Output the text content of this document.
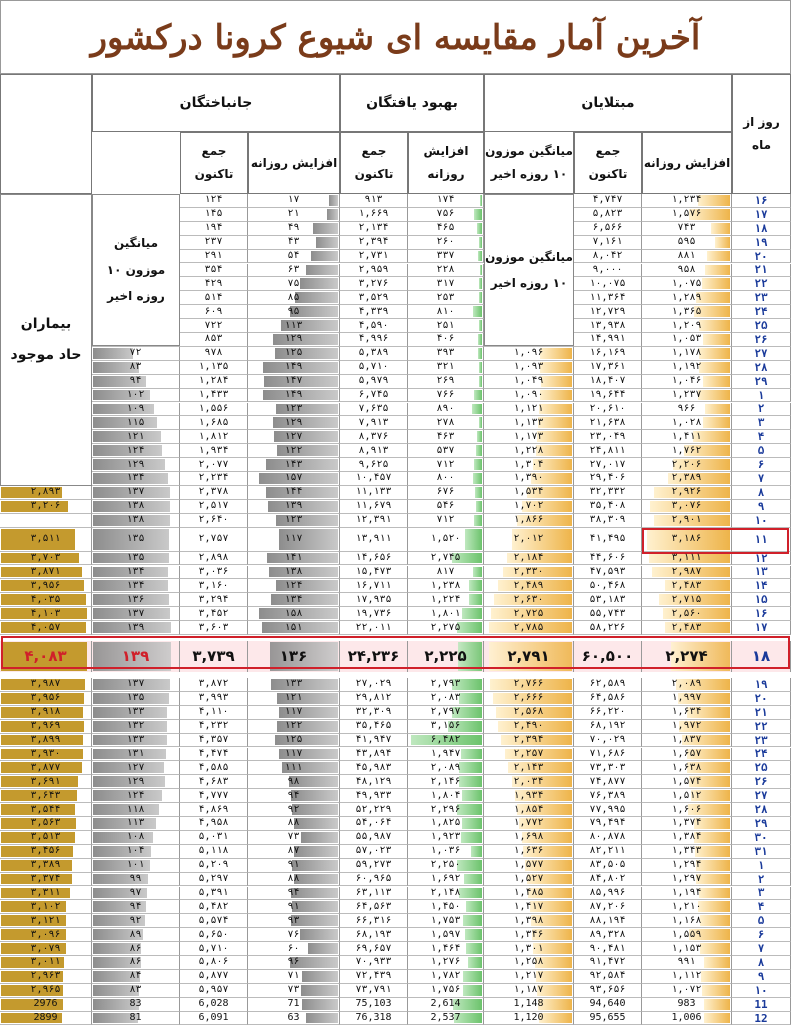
آخرین آمار مقایسه ای شیوع کرونا درکشور
روز از
ماه
مبتلایان
افزایش روزانه
جمع
تاکنون
میانگین موزون
۱۰ روزه اخیر
بهبود یافتگان
افزایش
روزانه
جمع
تاکنون
جانباختگان
افزایش روزانه
جمع
تاکنون
۱۶
۱,۲۳۴
۴,۷۴۷
۱۷۴
۹۱۳
۱۷
۱۲۴
۱۷
۱,۵۷۶
۵,۸۲۳
۷۵۶
۱,۶۶۹
۲۱
۱۴۵
۱۸
۷۴۳
۶,۵۶۶
۴۶۵
۲,۱۳۴
۴۹
۱۹۴
۱۹
۵۹۵
۷,۱۶۱
۲۶۰
۲,۳۹۴
۴۳
۲۳۷
۲۰
۸۸۱
۸,۰۴۲
۳۳۷
۲,۷۳۱
۵۴
۲۹۱
۲۱
۹۵۸
۹,۰۰۰
۲۲۸
۲,۹۵۹
۶۳
۳۵۴
۲۲
۱,۰۷۵
۱۰,۰۷۵
۳۱۷
۳,۲۷۶
۷۵
۴۲۹
۲۳
۱,۲۸۹
۱۱,۳۶۴
۲۵۳
۳,۵۲۹
۸۵
۵۱۴
۲۴
۱,۳۶۵
۱۲,۷۲۹
۸۱۰
۴,۳۳۹
۹۵
۶۰۹
۲۵
۱,۲۰۹
۱۳,۹۳۸
۲۵۱
۴,۵۹۰
۱۱۳
۷۲۲
۲۶
۱,۰۵۳
۱۴,۹۹۱
۴۰۶
۴,۹۹۶
۱۲۹
۸۵۳
۲۷
۱,۱۷۸
۱۶,۱۶۹
۱,۰۹۶
۳۹۳
۵,۳۸۹
۱۲۵
۹۷۸
۷۲
۲۸
۱,۱۹۲
۱۷,۳۶۱
۱,۰۹۳
۳۲۱
۵,۷۱۰
۱۴۹
۱,۱۳۵
۸۳
۲۹
۱,۰۴۶
۱۸,۴۰۷
۱,۰۴۹
۲۶۹
۵,۹۷۹
۱۴۷
۱,۲۸۴
۹۴
۱
۱,۲۳۷
۱۹,۶۴۴
۱,۰۹۰
۷۶۶
۶,۷۴۵
۱۴۹
۱,۴۳۳
۱۰۲
۲
۹۶۶
۲۰,۶۱۰
۱,۱۲۱
۸۹۰
۷,۶۳۵
۱۲۳
۱,۵۵۶
۱۰۹
۳
۱,۰۲۸
۲۱,۶۳۸
۱,۱۳۳
۲۷۸
۷,۹۱۳
۱۲۹
۱,۶۸۵
۱۱۵
۴
۱,۴۱۱
۲۳,۰۴۹
۱,۱۷۳
۴۶۳
۸,۳۷۶
۱۲۷
۱,۸۱۲
۱۲۱
۵
۱,۷۶۲
۲۴,۸۱۱
۱,۲۲۸
۵۳۷
۸,۹۱۳
۱۲۲
۱,۹۳۴
۱۲۴
۶
۲,۲۰۶
۲۷,۰۱۷
۱,۳۰۴
۷۱۲
۹,۶۲۵
۱۴۳
۲,۰۷۷
۱۲۹
۷
۲,۳۸۹
۲۹,۴۰۶
۱,۳۹۰
۸۰۰
۱۰,۴۵۷
۱۵۷
۲,۲۳۴
۱۳۴
۸
۲,۹۲۶
۳۲,۳۳۲
۱,۵۳۴
۶۷۶
۱۱,۱۳۳
۱۴۴
۲,۳۷۸
۱۳۷
۲,۸۹۳
۹
۳,۰۷۶
۳۵,۴۰۸
۱,۷۰۲
۵۴۶
۱۱,۶۷۹
۱۳۹
۲,۵۱۷
۱۳۸
۳,۲۰۶
۱۰
۲,۹۰۱
۳۸,۳۰۹
۱,۸۶۶
۷۱۲
۱۲,۳۹۱
۱۲۳
۲,۶۴۰
۱۳۸
۱۱
۳,۱۸۶
۴۱,۴۹۵
۲,۰۱۲
۱,۵۲۰
۱۳,۹۱۱
۱۱۷
۲,۷۵۷
۱۳۵
۳,۵۱۱
۱۲
۳,۱۱۱
۴۴,۶۰۶
۲,۱۸۴
۲,۷۴۵
۱۴,۶۵۶
۱۴۱
۲,۸۹۸
۱۳۵
۳,۷۰۳
۱۳
۲,۹۸۷
۴۷,۵۹۳
۲,۳۳۰
۸۱۷
۱۵,۴۷۳
۱۳۸
۳,۰۳۶
۱۳۴
۳,۸۷۱
۱۴
۲,۴۸۳
۵۰,۴۶۸
۲,۴۸۹
۱,۲۳۸
۱۶,۷۱۱
۱۲۴
۳,۱۶۰
۱۳۴
۳,۹۵۶
۱۵
۲,۷۱۵
۵۳,۱۸۳
۲,۶۳۰
۱,۲۲۴
۱۷,۹۳۵
۱۳۴
۳,۲۹۴
۱۳۶
۴,۰۳۵
۱۶
۲,۵۶۰
۵۵,۷۴۳
۲,۷۲۵
۱,۸۰۱
۱۹,۷۳۶
۱۵۸
۳,۴۵۲
۱۳۷
۴,۱۰۳
۱۷
۲,۴۸۳
۵۸,۲۲۶
۲,۷۸۵
۲,۲۷۵
۲۲,۰۱۱
۱۵۱
۳,۶۰۳
۱۳۹
۴,۰۵۷
۱۸
۲,۲۷۴
۶۰,۵۰۰
۲,۷۹۱
۲,۲۲۵
۲۴,۲۳۶
۱۳۶
۳,۷۳۹
۱۳۹
۴,۰۸۳
۱۹
۲,۰۸۹
۶۲,۵۸۹
۲,۷۶۶
۲,۷۹۳
۲۷,۰۲۹
۱۳۳
۳,۸۷۲
۱۳۷
۳,۹۸۷
۲۰
۱,۹۹۷
۶۴,۵۸۶
۲,۶۶۶
۲,۰۸۳
۲۹,۸۱۲
۱۲۱
۳,۹۹۳
۱۳۵
۳,۹۵۶
۲۱
۱,۶۳۴
۶۶,۲۲۰
۲,۵۶۸
۲,۷۹۷
۳۲,۳۰۹
۱۱۷
۴,۱۱۰
۱۳۳
۳,۹۱۸
۲۲
۱,۹۷۲
۶۸,۱۹۲
۲,۴۹۰
۳,۱۵۶
۳۵,۴۶۵
۱۲۲
۴,۲۳۲
۱۳۲
۳,۹۶۹
۲۳
۱,۸۳۷
۷۰,۰۲۹
۲,۳۹۴
۶,۴۸۲
۴۱,۹۴۷
۱۲۵
۴,۳۵۷
۱۳۳
۳,۸۹۹
۲۴
۱,۶۵۷
۷۱,۶۸۶
۲,۲۵۷
۱,۹۴۷
۴۳,۸۹۴
۱۱۷
۴,۴۷۴
۱۳۱
۳,۹۳۰
۲۵
۱,۶۳۸
۷۳,۳۰۳
۲,۱۴۳
۲,۰۸۹
۴۵,۹۸۳
۱۱۱
۴,۵۸۵
۱۲۷
۳,۸۷۷
۲۶
۱,۵۷۴
۷۴,۸۷۷
۲,۰۳۴
۲,۱۴۶
۴۸,۱۲۹
۹۸
۴,۶۸۳
۱۲۹
۳,۶۹۱
۲۷
۱,۵۱۲
۷۶,۳۸۹
۱,۹۳۴
۱,۸۰۴
۴۹,۹۳۳
۹۴
۴,۷۷۷
۱۲۴
۳,۶۴۳
۲۸
۱,۶۰۶
۷۷,۹۹۵
۱,۸۵۴
۲,۲۹۶
۵۲,۲۲۹
۹۲
۴,۸۶۹
۱۱۸
۳,۵۴۴
۲۹
۱,۳۷۴
۷۹,۴۹۴
۱,۷۷۲
۱,۸۲۵
۵۴,۰۶۴
۸۸
۴,۹۵۸
۱۱۳
۳,۵۶۳
۳۰
۱,۳۸۴
۸۰,۸۷۸
۱,۶۹۸
۱,۹۲۳
۵۵,۹۸۷
۷۳
۵,۰۳۱
۱۰۸
۳,۵۱۳
۳۱
۱,۳۴۳
۸۲,۲۱۱
۱,۶۳۶
۱,۰۳۶
۵۷,۰۲۳
۸۷
۵,۱۱۸
۱۰۴
۳,۴۵۶
۱
۱,۲۹۴
۸۳,۵۰۵
۱,۵۷۷
۲,۲۵۰
۵۹,۲۷۳
۹۱
۵,۲۰۹
۱۰۱
۳,۳۸۹
۲
۱,۲۹۷
۸۴,۸۰۲
۱,۵۲۷
۱,۶۹۲
۶۰,۹۶۵
۸۸
۵,۲۹۷
۹۹
۳,۳۷۴
۳
۱,۱۹۴
۸۵,۹۹۶
۱,۴۸۵
۲,۱۴۸
۶۳,۱۱۳
۹۴
۵,۳۹۱
۹۷
۳,۳۱۱
۴
۱,۲۱۰
۸۷,۲۰۶
۱,۴۱۷
۱,۴۵۰
۶۴,۵۶۳
۹۱
۵,۴۸۲
۹۴
۳,۱۰۲
۵
۱,۱۶۸
۸۸,۱۹۴
۱,۳۹۸
۱,۷۵۳
۶۶,۳۱۶
۹۳
۵,۵۷۴
۹۲
۳,۱۲۱
۶
۱,۵۵۹
۸۹,۳۲۸
۱,۳۴۶
۱,۵۹۷
۶۸,۱۹۳
۷۶
۵,۶۵۰
۸۹
۳,۰۹۶
۷
۱,۱۵۳
۹۰,۴۸۱
۱,۳۰۱
۱,۴۶۴
۶۹,۶۵۷
۶۰
۵,۷۱۰
۸۶
۳,۰۷۹
۸
۹۹۱
۹۱,۴۷۲
۱,۲۵۸
۱,۲۷۶
۷۰,۹۳۳
۹۶
۵,۸۰۶
۸۶
۳,۰۱۱
۹
۱,۱۱۲
۹۲,۵۸۴
۱,۲۱۷
۱,۷۸۲
۷۲,۴۳۹
۷۱
۵,۸۷۷
۸۴
۲,۹۶۳
۱۰
۱,۰۷۲
۹۳,۶۵۶
۱,۱۸۷
۱,۷۵۶
۷۳,۷۹۱
۷۳
۵,۹۵۷
۸۳
۲,۹۶۵
11
983
94,640
1,148
2,614
75,103
71
6,028
83
2976
12
1,006
95,655
1,120
2,537
76,318
63
6,091
81
2899
میانگین
موزون ۱۰
روزه اخیر
میانگین موزون
۱۰ روزه اخیر
بیماران
حاد موجود
